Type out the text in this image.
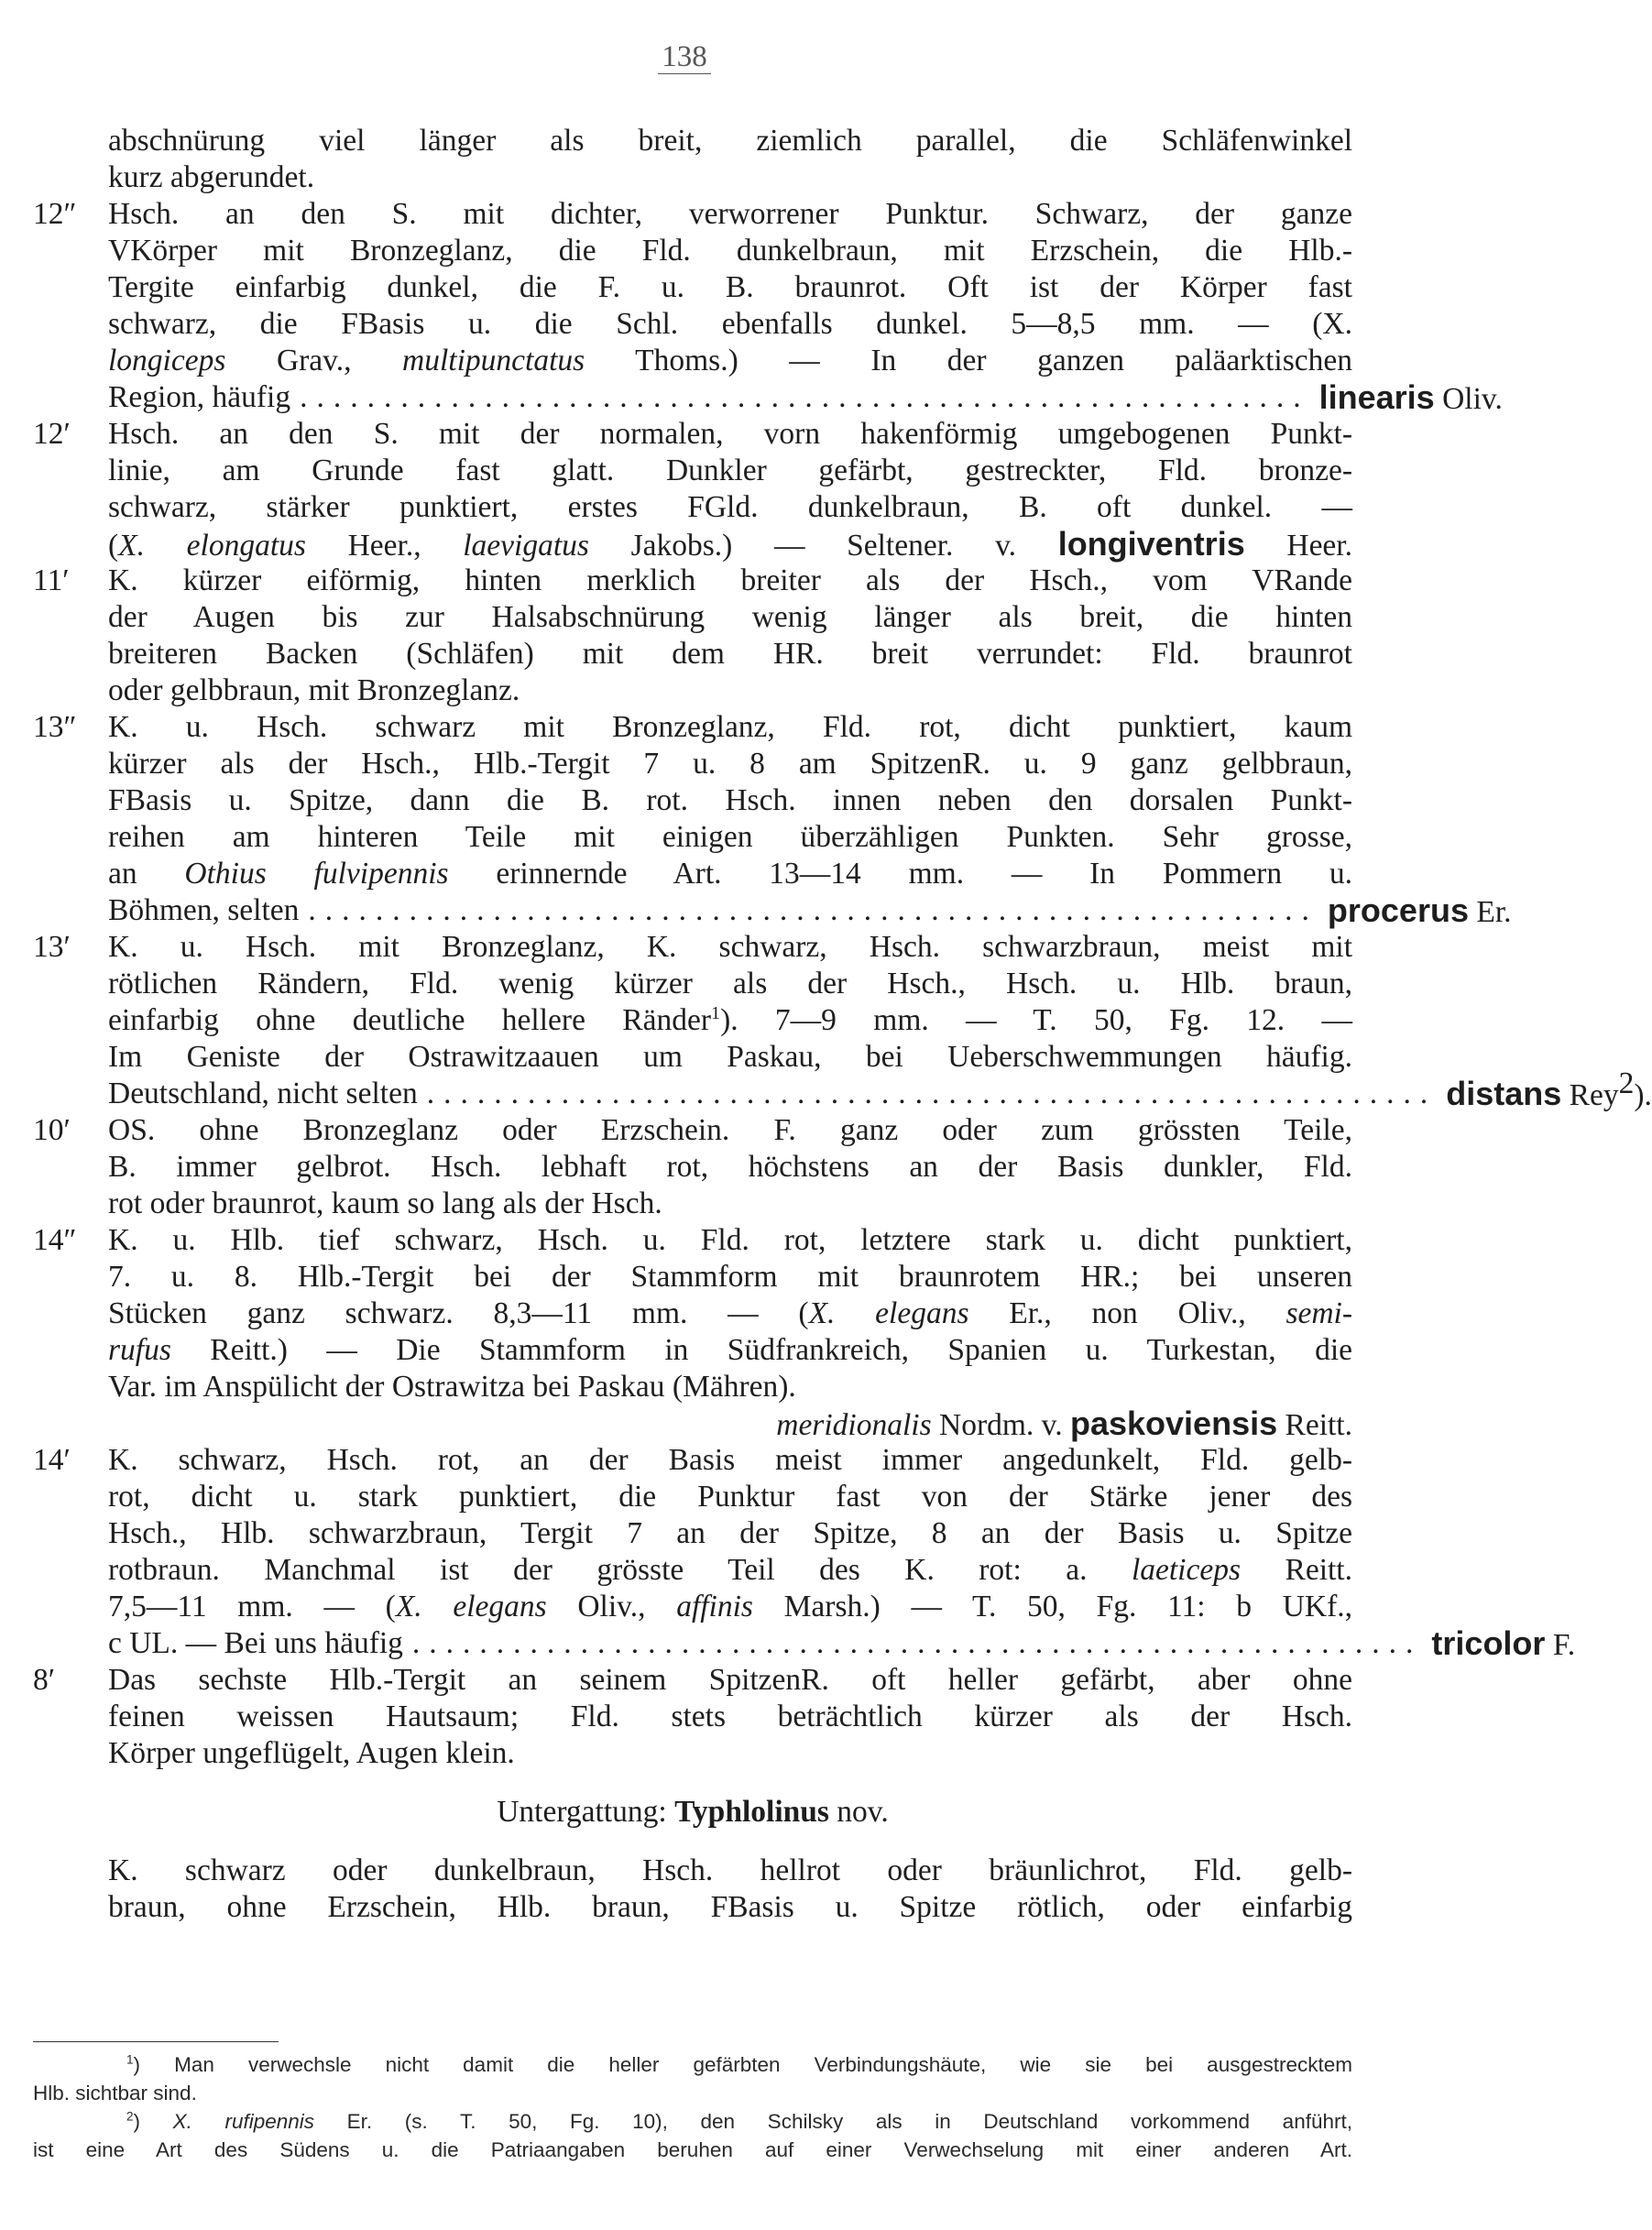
138
abschnürung viel länger als breit, ziemlich parallel, die Schläfenwinkel
kurz abgerundet.
12″ Hsch. an den S. mit dichter, verworrener Punktur. Schwarz, der ganze
VKörper mit Bronzeglanz, die Fld. dunkelbraun, mit Erzschein, die Hlb.-
Tergite einfarbig dunkel, die F. u. B. braunrot. Oft ist der Körper fast
schwarz, die FBasis u. die Schl. ebenfalls dunkel. 5—8,5 mm. — (X.
longiceps Grav., multipunctatus Thoms.) — In der ganzen paläarktischen
Region, häufig ............................................................ linearis Oliv.
12′ Hsch. an den S. mit der normalen, vorn hakenförmig umgebogenen Punkt-
linie, am Grunde fast glatt. Dunkler gefärbt, gestreckter, Fld. bronze-
schwarz, stärker punktiert, erstes FGld. dunkelbraun, B. oft dunkel. —
(X. elongatus Heer., laevigatus Jakobs.) — Seltener. v. longiventris Heer.
11′ K. kürzer eiförmig, hinten merklich breiter als der Hsch., vom VRande
der Augen bis zur Halsabschnürung wenig länger als breit, die hinten
breiteren Backen (Schläfen) mit dem HR. breit verrundet: Fld. braunrot
oder gelbbraun, mit Bronzeglanz.
13″ K. u. Hsch. schwarz mit Bronzeglanz, Fld. rot, dicht punktiert, kaum
kürzer als der Hsch., Hlb.-Tergit 7 u. 8 am SpitzenR. u. 9 ganz gelbbraun,
FBasis u. Spitze, dann die B. rot. Hsch. innen neben den dorsalen Punkt-
reihen am hinteren Teile mit einigen überzähligen Punkten. Sehr grosse,
an Othius fulvipennis erinnernde Art. 13—14 mm. — In Pommern u.
Böhmen, selten ............................................................ procerus Er.
13′ K. u. Hsch. mit Bronzeglanz, K. schwarz, Hsch. schwarzbraun, meist mit
rötlichen Rändern, Fld. wenig kürzer als der Hsch., Hsch. u. Hlb. braun,
einfarbig ohne deutliche hellere Ränder$^1$). 7—9 mm. — T. 50, Fg. 12. —
Im Geniste der Ostrawitzaauen um Paskau, bei Ueberschwemmungen häufig.
Deutschland, nicht selten ............................................................ distans Rey$^2$).
10′ OS. ohne Bronzeglanz oder Erzschein. F. ganz oder zum grössten Teile,
B. immer gelbrot. Hsch. lebhaft rot, höchstens an der Basis dunkler, Fld.
rot oder braunrot, kaum so lang als der Hsch.
14″ K. u. Hlb. tief schwarz, Hsch. u. Fld. rot, letztere stark u. dicht punktiert,
7. u. 8. Hlb.-Tergit bei der Stammform mit braunrotem HR.; bei unseren
Stücken ganz schwarz. 8,3—11 mm. — (X. elegans Er., non Oliv., semi-
rufus Reitt.) — Die Stammform in Südfrankreich, Spanien u. Turkestan, die
Var. im Anspülicht der Ostrawitza bei Paskau (Mähren).
meridionalis Nordm. v. paskoviensis Reitt.
14′ K. schwarz, Hsch. rot, an der Basis meist immer angedunkelt, Fld. gelb-
rot, dicht u. stark punktiert, die Punktur fast von der Stärke jener des
Hsch., Hlb. schwarzbraun, Tergit 7 an der Spitze, 8 an der Basis u. Spitze
rotbraun. Manchmal ist der grösste Teil des K. rot: a. laeticeps Reitt.
7,5—11 mm. — (X. elegans Oliv., affinis Marsh.) — T. 50, Fg. 11: b UKf.,
c UL. — Bei uns häufig ............................................................ tricolor F.
8′ Das sechste Hlb.-Tergit an seinem SpitzenR. oft heller gefärbt, aber ohne
feinen weissen Hautsaum; Fld. stets beträchtlich kürzer als der Hsch.
Körper ungeflügelt, Augen klein.
Untergattung: Typhlolinus nov.
K. schwarz oder dunkelbraun, Hsch. hellrot oder bräunlichrot, Fld. gelb-
braun, ohne Erzschein, Hlb. braun, FBasis u. Spitze rötlich, oder einfarbig
$^1$) Man verwechsle nicht damit die heller gefärbten Verbindungshäute, wie sie bei ausgestrecktem
Hlb. sichtbar sind.
$^2$) X. rufipennis Er. (s. T. 50, Fg. 10), den Schilsky als in Deutschland vorkommend anführt,
ist eine Art des Südens u. die Patriaangaben beruhen auf einer Verwechselung mit einer anderen Art.
